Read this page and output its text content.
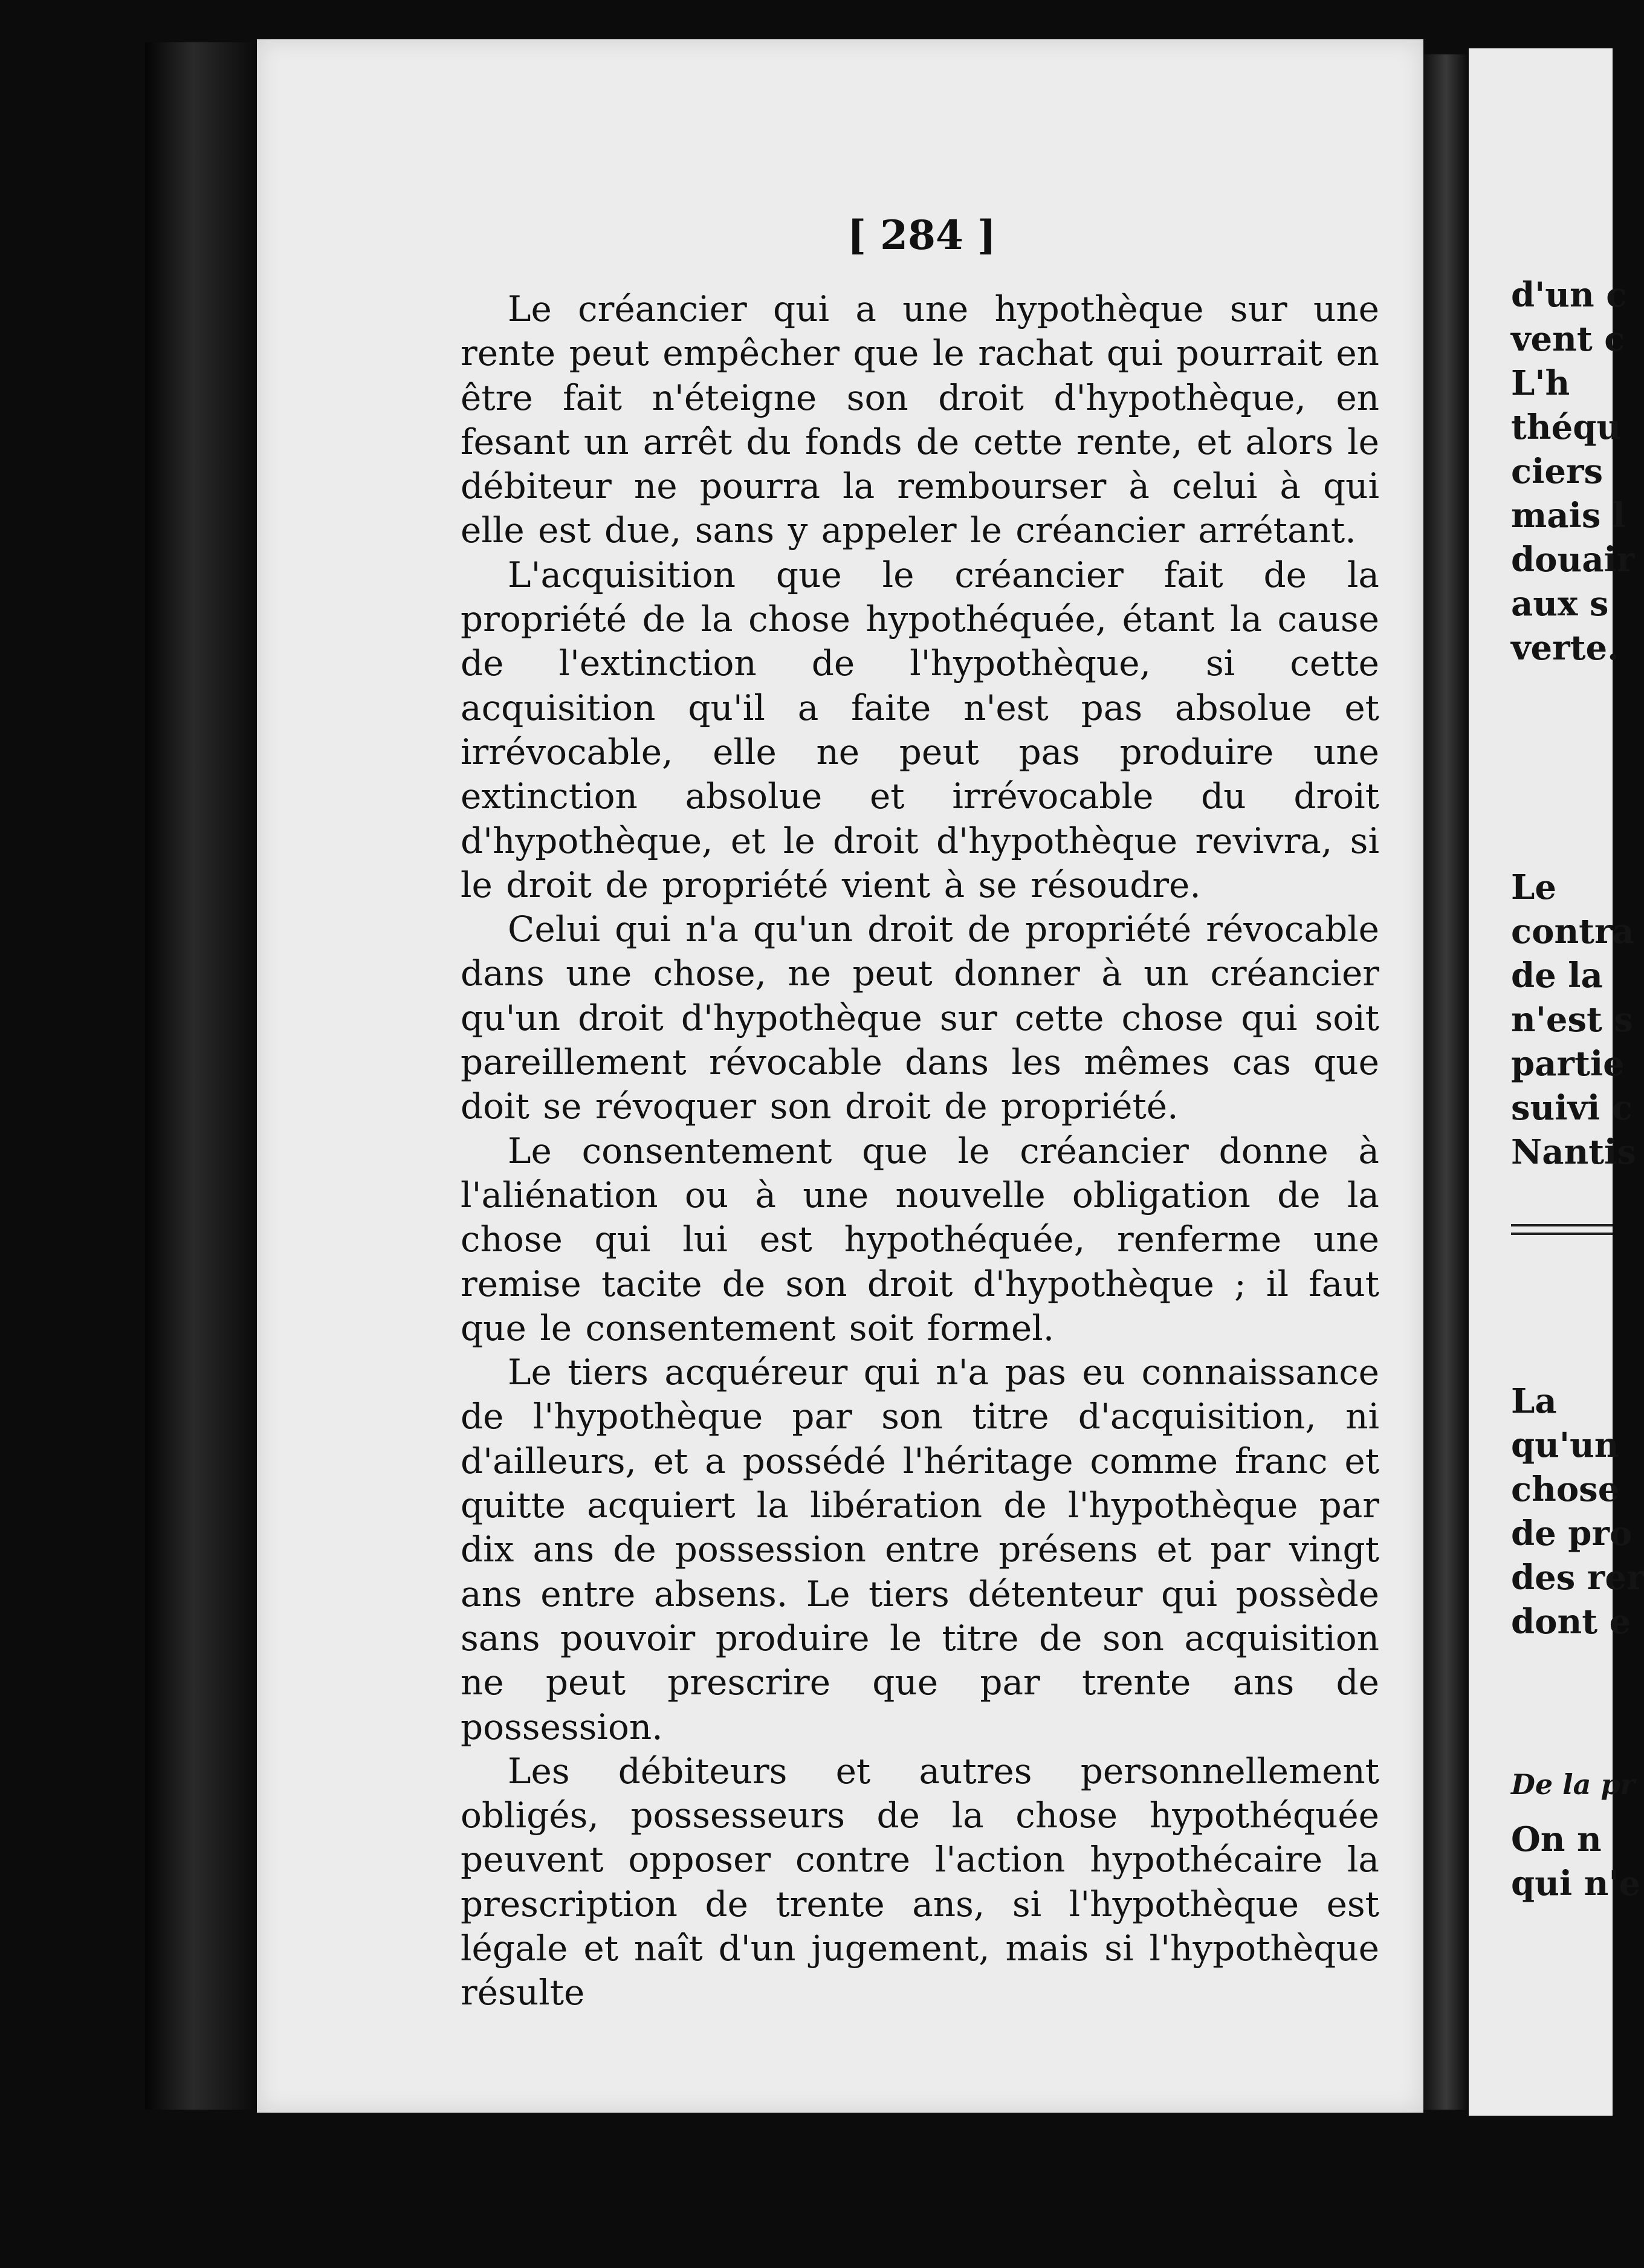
[ 284 ]

Le créancier qui a une hypothèque sur une rente peut empêcher que le rachat qui pourrait en être fait n'éteigne son droit d'hypothèque, en fesant un arrêt du fonds de cette rente, et alors le débiteur ne pourra la rembourser à celui à qui elle est due, sans y appeler le créancier arrétant.

L'acquisition que le créancier fait de la propriété de la chose hypothéquée, étant la cause de l'extinction de l'hypothèque, si cette acquisition qu'il a faite n'est pas absolue et irrévocable, elle ne peut pas produire une extinction absolue et irrévocable du droit d'hypothèque, et le droit d'hypothèque revivra, si le droit de propriété vient à se résoudre.

Celui qui n'a qu'un droit de propriété révocable dans une chose, ne peut donner à un créancier qu'un droit d'hypothèque sur cette chose qui soit pareillement révocable dans les mêmes cas que doit se révoquer son droit de propriété.

Le consentement que le créancier donne à l'aliénation ou à une nouvelle obligation de la chose qui lui est hypothéquée, renferme une remise tacite de son droit d'hypothèque ; il faut que le consentement soit formel.

Le tiers acquéreur qui n'a pas eu connaissance de l'hypothèque par son titre d'acquisition, ni d'ailleurs, et a possédé l'héritage comme franc et quitte acquiert la libération de l'hypothèque par dix ans de possession entre présens et par vingt ans entre absens. Le tiers détenteur qui possède sans pouvoir produire le titre de son acquisition ne peut prescrire que par trente ans de possession.

Les débiteurs et autres personnellement obligés, possesseurs de la chose hypothéquée peuvent opposer contre l'action hypothécaire la prescription de trente ans, si l'hypothèque est légale et naît d'un jugement, mais si l'hypothèque résulte

d'un c
vent c
L'h
théqu
ciers
mais l
douair
aux s
verte.
Le
contra
de la
n'est s
partie
suivi c
Nantis
La
qu'un
chose
de pro
des rer
dont e
De la pr
On n
qui n'e
